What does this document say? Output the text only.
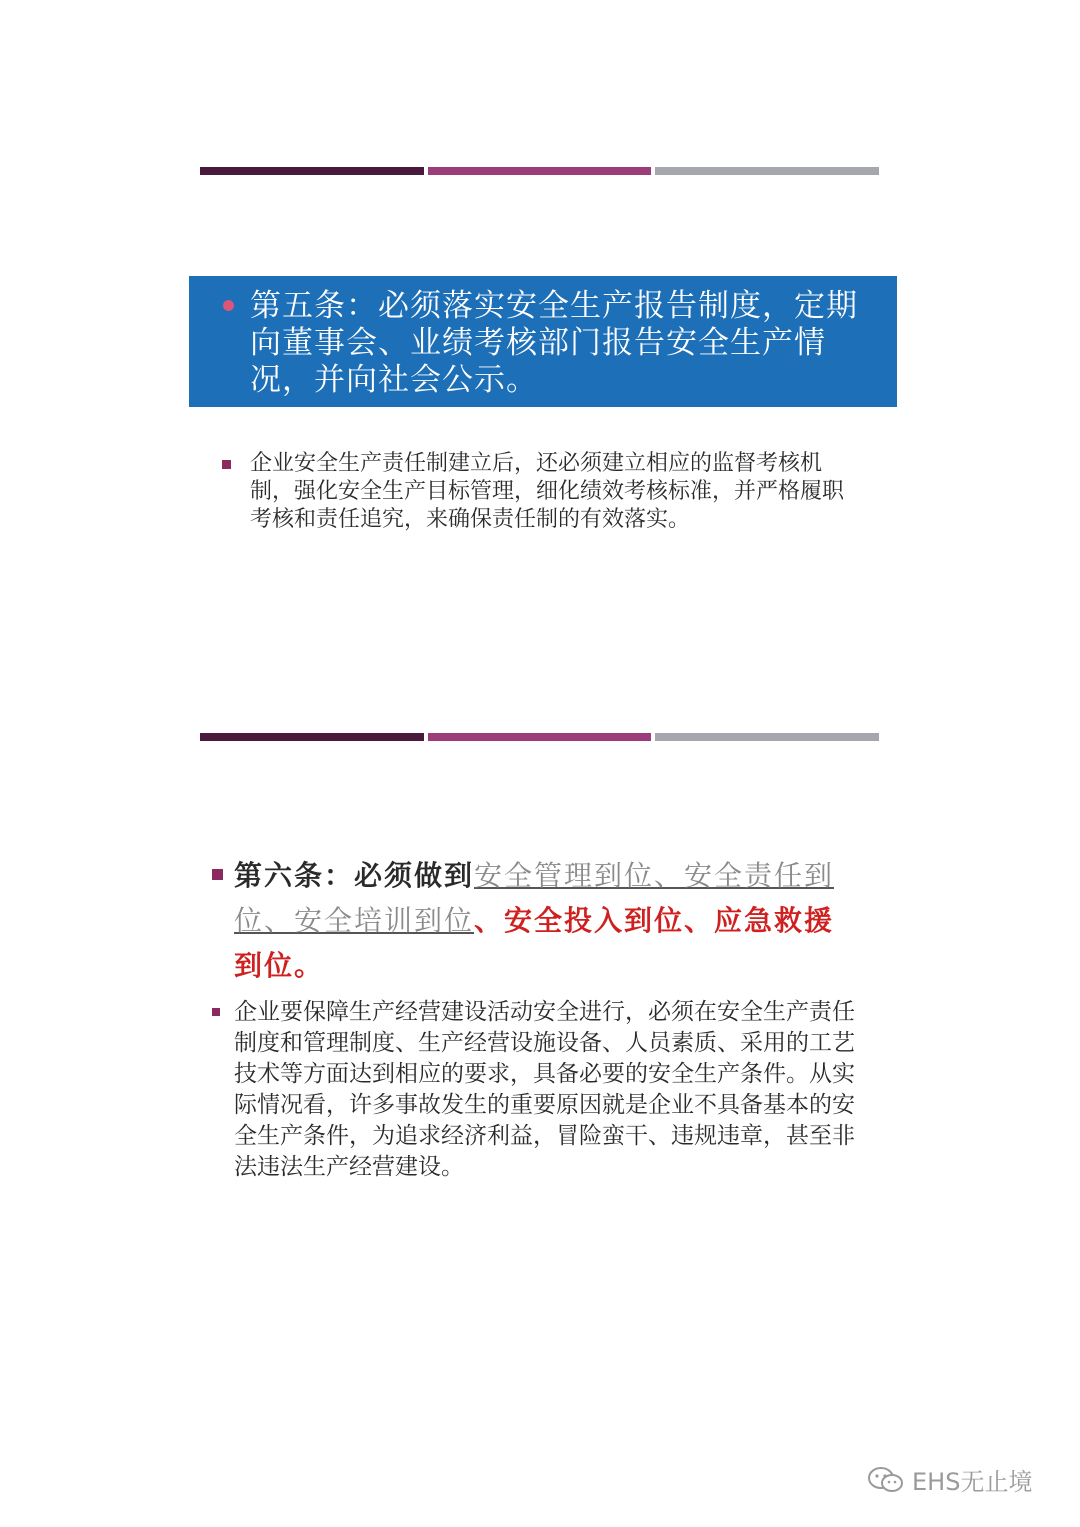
第五条：必须落实安全生产报告制度，定期向董事会、业绩考核部门报告安全生产情况，并向社会公示。
企业安全生产责任制建立后，还必须建立相应的监督考核机制，强化安全生产目标管理，细化绩效考核标准，并严格履职考核和责任追究，来确保责任制的有效落实。
第六条：必须做到安全管理到位、安全责任到位、安全培训到位、安全投入到位、应急救援到位。
企业要保障生产经营建设活动安全进行，必须在安全生产责任制度和管理制度、生产经营设施设备、人员素质、采用的工艺技术等方面达到相应的要求，具备必要的安全生产条件。从实际情况看，许多事故发生的重要原因就是企业不具备基本的安全生产条件，为追求经济利益，冒险蛮干、违规违章，甚至非法违法生产经营建设。
EHS无止境
